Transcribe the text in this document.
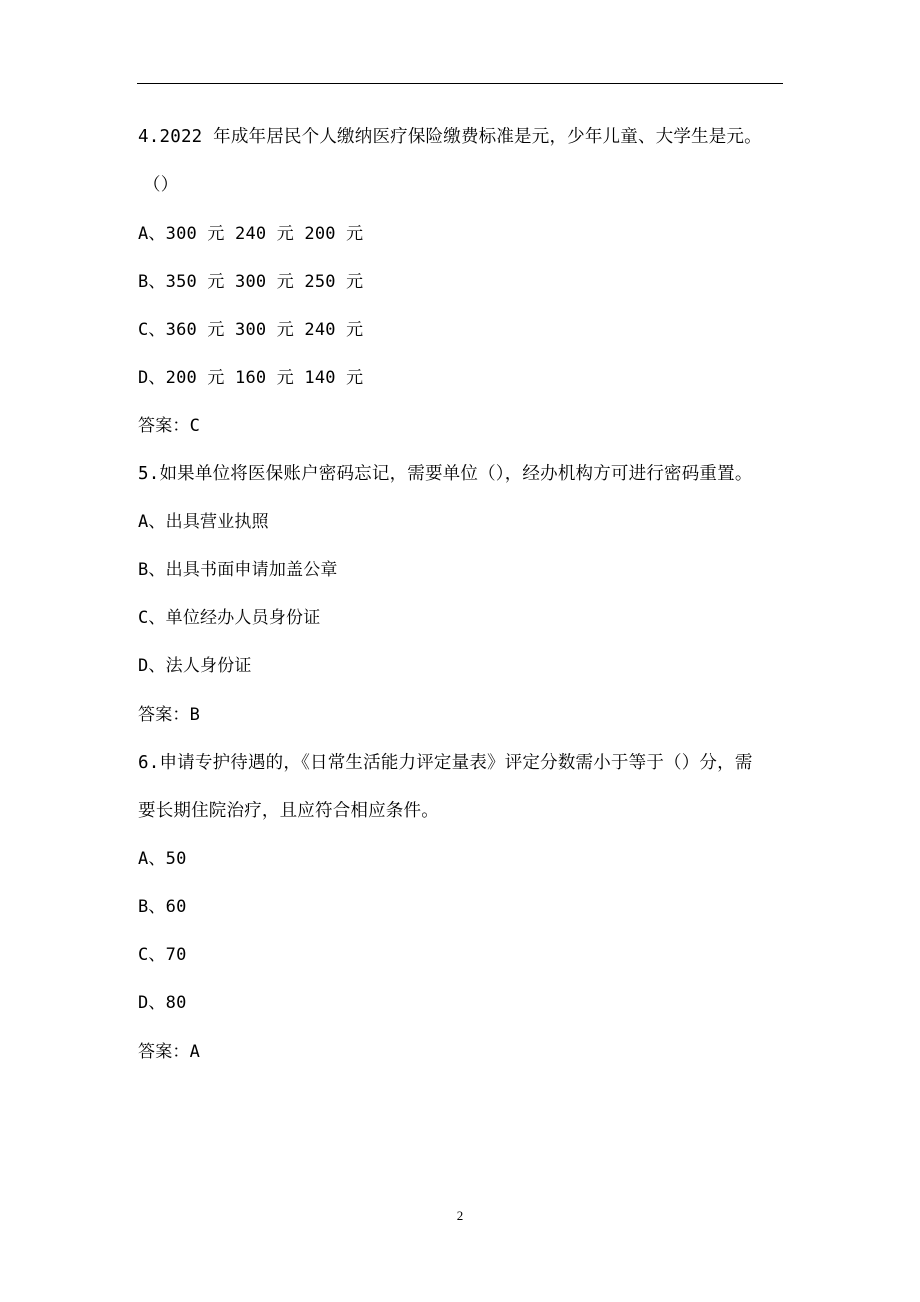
4.2022 年成年居民个人缴纳医疗保险缴费标准是元，少年儿童、大学生是元。
（）
A、300 元 240 元 200 元
B、350 元 300 元 250 元
C、360 元 300 元 240 元
D、200 元 160 元 140 元
答案：C
5.如果单位将医保账户密码忘记，需要单位（），经办机构方可进行密码重置。
A、出具营业执照
B、出具书面申请加盖公章
C、单位经办人员身份证
D、法人身份证
答案：B
6.申请专护待遇的，《日常生活能力评定量表》评定分数需小于等于（）分，需
要长期住院治疗，且应符合相应条件。
A、50
B、60
C、70
D、80
答案：A
2
